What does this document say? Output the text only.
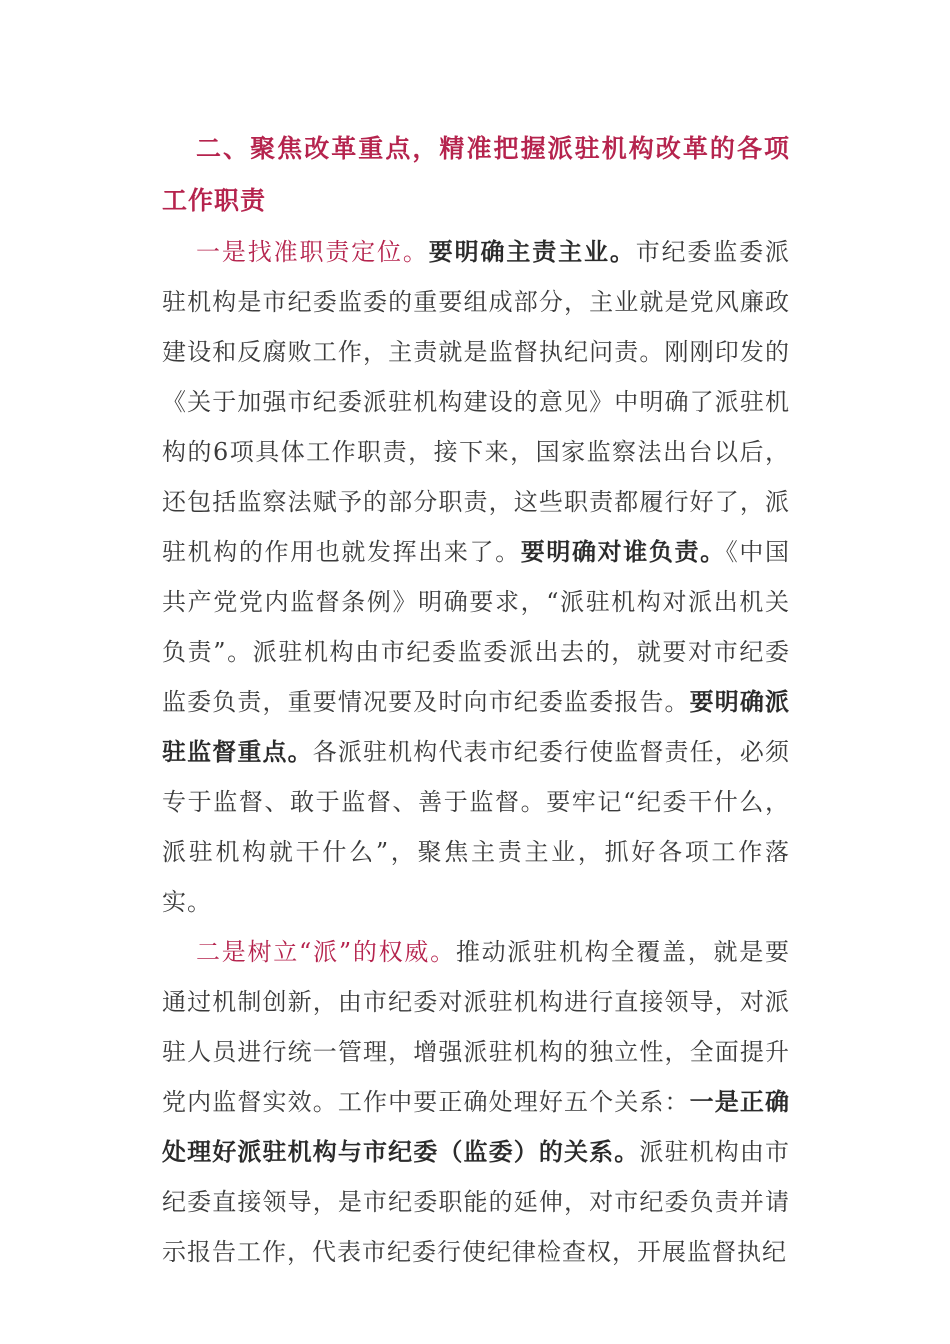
二、聚焦改革重点，精准把握派驻机构改革的各项工作职责

一是找准职责定位。要明确主责主业。市纪委监委派驻机构是市纪委监委的重要组成部分，主业就是党风廉政建设和反腐败工作，主责就是监督执纪问责。刚刚印发的《关于加强市纪委派驻机构建设的意见》中明确了派驻机构的6项具体工作职责，接下来，国家监察法出台以后，还包括监察法赋予的部分职责，这些职责都履行好了，派驻机构的作用也就发挥出来了。要明确对谁负责。《中国共产党党内监督条例》明确要求，“派驻机构对派出机关负责”。派驻机构由市纪委监委派出去的，就要对市纪委监委负责，重要情况要及时向市纪委监委报告。要明确派驻监督重点。各派驻机构代表市纪委行使监督责任，必须专于监督、敢于监督、善于监督。要牢记“纪委干什么，派驻机构就干什么”，聚焦主责主业，抓好各项工作落实。

二是树立“派”的权威。推动派驻机构全覆盖，就是要通过机制创新，由市纪委对派驻机构进行直接领导，对派驻人员进行统一管理，增强派驻机构的独立性，全面提升党内监督实效。工作中要正确处理好五个关系：一是正确处理好派驻机构与市纪委（监委）的关系。派驻机构由市纪委直接领导，是市纪委职能的延伸，对市纪委负责并请示报告工作，代表市纪委行使纪律检查权，开展监督执纪
